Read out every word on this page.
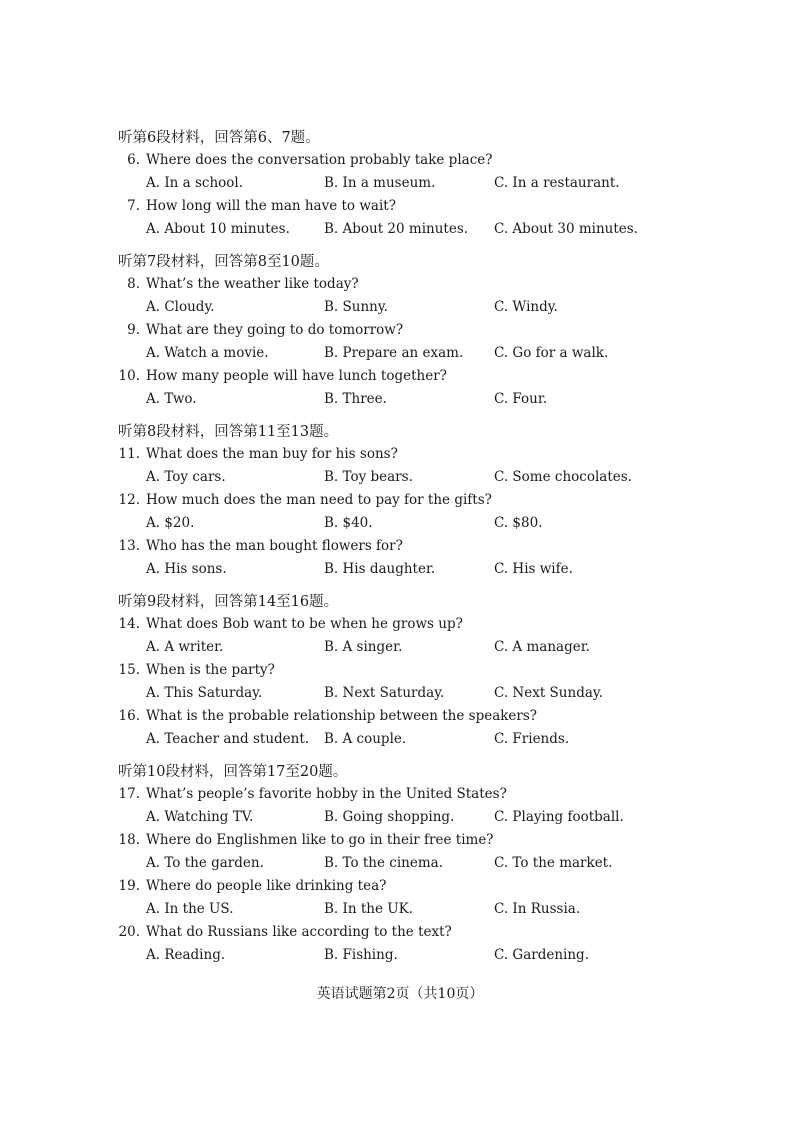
听第6段材料，回答第6、7题。
6. Where does the conversation probably take place?
A. In a school.	B. In a museum.	C. In a restaurant.
7. How long will the man have to wait?
A. About 10 minutes.	B. About 20 minutes. C. About 30 minutes.
听第7段材料，回答第8至10题。
8. What’s the weather like today?
A. Cloudy.	B. Sunny.	C. Windy.
9. What are they going to do tomorrow?
A. Watch a movie.	B. Prepare an exam. C. Go for a walk.
10. How many people will have lunch together?
A. Two.	B. Three.	C. Four.
听第8段材料，回答第11至13题。
11. What does the man buy for his sons?
A. Toy cars.	B. Toy bears.	C. Some chocolates.
12. How much does the man need to pay for the gifts?
A. $20.	B. $40.	C. $80.
13. Who has the man bought flowers for?
A. His sons.	B. His daughter.	C. His wife.
听第9段材料，回答第14至16题。
14. What does Bob want to be when he grows up?
A. A writer.	B. A singer.	C. A manager.
15. When is the party?
A. This Saturday.	B. Next Saturday.	C. Next Sunday.
16. What is the probable relationship between the speakers?
A. Teacher and student. B. A couple.	C. Friends.
听第10段材料，回答第17至20题。
17. What’s people’s favorite hobby in the United States?
A. Watching TV.	B. Going shopping.	C. Playing football.
18. Where do Englishmen like to go in their free time?
A. To the garden.	B. To the cinema.	C. To the market.
19. Where do people like drinking tea?
A. In the US.	B. In the UK.	C. In Russia.
20. What do Russians like according to the text?
A. Reading.	B. Fishing.	C. Gardening.
英语试题第2页（共10页）
